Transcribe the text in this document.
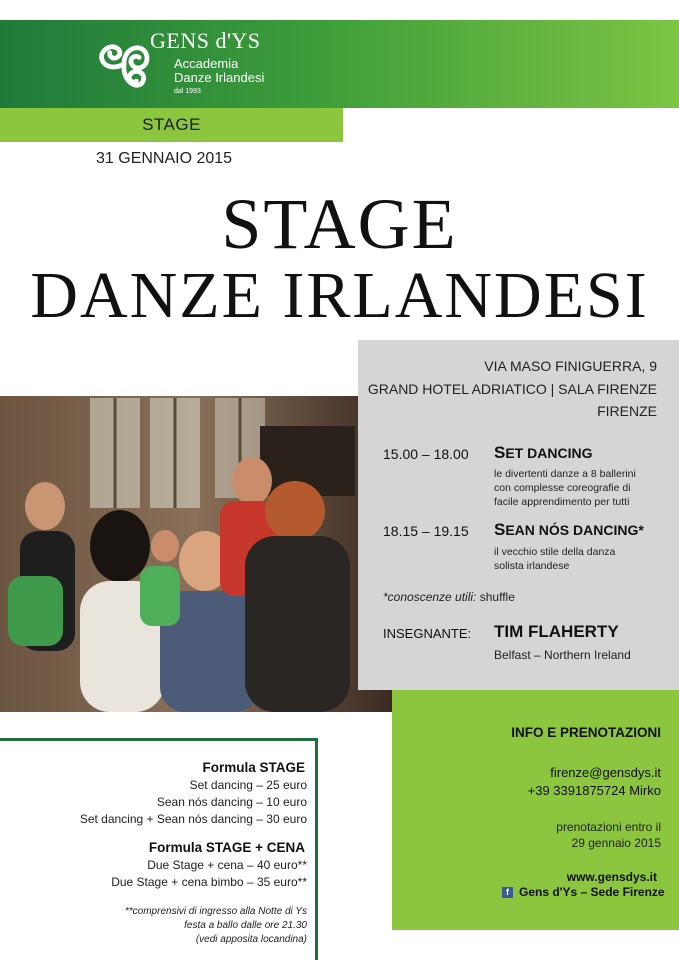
GENS d'YS
Accademia
Danze Irlandesi
dal 1993
STAGE
31 GENNAIO 2015
STAGE
DANZE IRLANDESI
VIA MASO FINIGUERRA, 9
GRAND HOTEL ADRIATICO | SALA FIRENZE
FIRENZE
15.00 – 18.00 SET DANCING
le divertenti danze a 8 ballerini
con complesse coreografie di
facile apprendimento per tutti
18.15 – 19.15 SEAN NÓS DANCING*
il vecchio stile della danza
solista irlandese
*conoscenze utili: shuffle
INSEGNANTE: TIM FLAHERTY
Belfast – Northern Ireland
INFO E PRENOTAZIONI
firenze@gensdys.it
+39 3391875724 Mirko
prenotazioni entro il
29 gennaio 2015
www.gensdys.it
f Gens d'Ys – Sede Firenze
Formula STAGE
Set dancing – 25 euro
Sean nós dancing – 10 euro
Set dancing + Sean nós dancing – 30 euro
Formula STAGE + CENA
Due Stage + cena – 40 euro**
Due Stage + cena bimbo – 35 euro**
**comprensivi di ingresso alla Notte di Ys
festa a ballo dalle ore 21.30
(vedi apposita locandina)
